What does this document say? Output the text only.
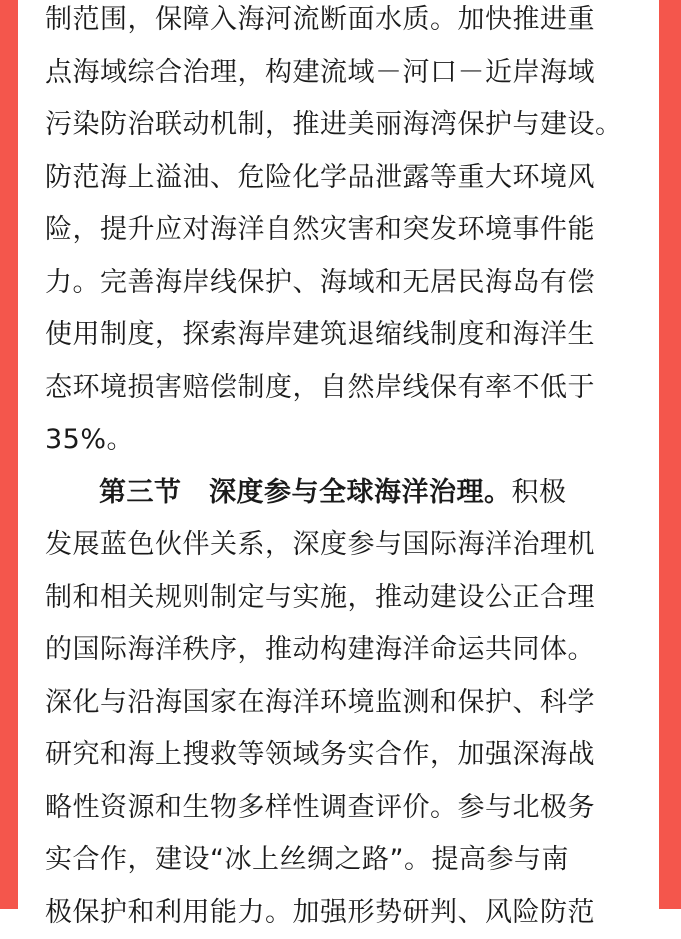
制范围，保障入海河流断面水质。加快推进重
点海域综合治理，构建流域－河口－近岸海域
污染防治联动机制，推进美丽海湾保护与建设。
防范海上溢油、危险化学品泄露等重大环境风
险，提升应对海洋自然灾害和突发环境事件能
力。完善海岸线保护、海域和无居民海岛有偿
使用制度，探索海岸建筑退缩线制度和海洋生
态环境损害赔偿制度，自然岸线保有率不低于
35%。
第三节　深度参与全球海洋治理。积极
发展蓝色伙伴关系，深度参与国际海洋治理机
制和相关规则制定与实施，推动建设公正合理
的国际海洋秩序，推动构建海洋命运共同体。
深化与沿海国家在海洋环境监测和保护、科学
研究和海上搜救等领域务实合作，加强深海战
略性资源和生物多样性调查评价。参与北极务
实合作，建设“冰上丝绸之路”。提高参与南
极保护和利用能力。加强形势研判、风险防范
